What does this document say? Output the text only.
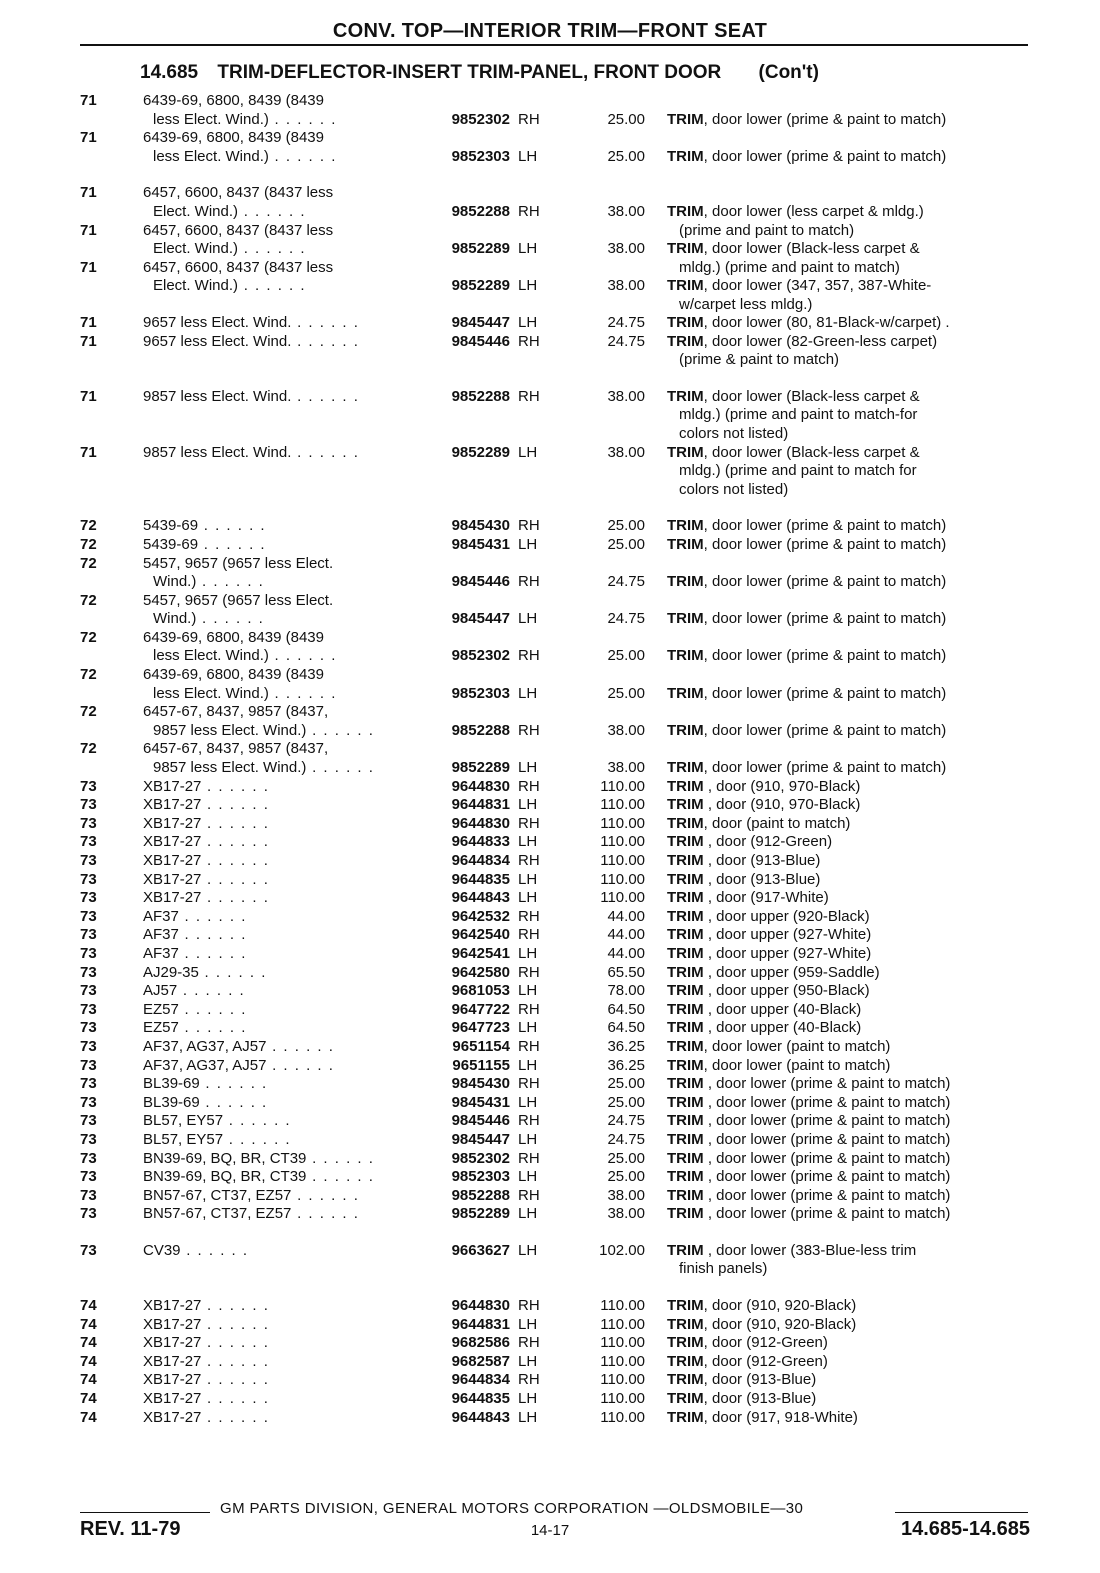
CONV. TOP—INTERIOR TRIM—FRONT SEAT
14.685 TRIM-DEFLECTOR-INSERT TRIM-PANEL, FRONT DOOR (Con't)
71	6439-69, 6800, 8439 (8439
less Elect. Wind.) . . . . . .	9852302 RH	25.00 TRIM, door lower (prime & paint to match)
71	6439-69, 6800, 8439 (8439
less Elect. Wind.) . . . . . .	9852303 LH	25.00 TRIM, door lower (prime & paint to match)
71	6457, 6600, 8437 (8437 less
Elect. Wind.) . . . . . .	9852288 RH	38.00 TRIM, door lower (less carpet & mldg.)
(prime and paint to match)
71	6457, 6600, 8437 (8437 less
Elect. Wind.) . . . . . .	9852289 LH	38.00 TRIM, door lower (Black-less carpet &
mldg.) (prime and paint to match)
71	6457, 6600, 8437 (8437 less
Elect. Wind.) . . . . . .	9852289 LH	38.00 TRIM, door lower (347, 357, 387-White-
w/carpet less mldg.)
71	9657 less Elect. Wind. . . . . . .	9845447 LH	24.75 TRIM, door lower (80, 81-Black-w/carpet) .
71	9657 less Elect. Wind. . . . . . .	9845446 RH	24.75 TRIM, door lower (82-Green-less carpet)
(prime & paint to match)
71	9857 less Elect. Wind. . . . . . .	9852288 RH	38.00 TRIM, door lower (Black-less carpet &
mldg.) (prime and paint to match-for
colors not listed)
71	9857 less Elect. Wind. . . . . . .	9852289 LH	38.00 TRIM, door lower (Black-less carpet &
mldg.) (prime and paint to match for
colors not listed)
72	5439-69 . . . . . .	9845430 RH	25.00 TRIM, door lower (prime & paint to match)
72	5439-69 . . . . . .	9845431 LH	25.00 TRIM, door lower (prime & paint to match)
72	5457, 9657 (9657 less Elect.
Wind.) . . . . . .	9845446 RH	24.75 TRIM, door lower (prime & paint to match)
72	5457, 9657 (9657 less Elect.
Wind.) . . . . . .	9845447 LH	24.75 TRIM, door lower (prime & paint to match)
72	6439-69, 6800, 8439 (8439
less Elect. Wind.) . . . . . .	9852302 RH	25.00 TRIM, door lower (prime & paint to match)
72	6439-69, 6800, 8439 (8439
less Elect. Wind.) . . . . . .	9852303 LH	25.00 TRIM, door lower (prime & paint to match)
72	6457-67, 8437, 9857 (8437,
9857 less Elect. Wind.) . . . . . .	9852288 RH	38.00 TRIM, door lower (prime & paint to match)
72	6457-67, 8437, 9857 (8437,
9857 less Elect. Wind.) . . . . . .	9852289 LH	38.00 TRIM, door lower (prime & paint to match)
73	XB17-27 . . . . . .	9644830 RH	110.00 TRIM , door (910, 970-Black)
73	XB17-27 . . . . . .	9644831 LH	110.00 TRIM , door (910, 970-Black)
73	XB17-27 . . . . . .	9644830 RH	110.00 TRIM, door (paint to match)
73	XB17-27 . . . . . .	9644833 LH	110.00 TRIM , door (912-Green)
73	XB17-27 . . . . . .	9644834 RH	110.00 TRIM , door (913-Blue)
73	XB17-27 . . . . . .	9644835 LH	110.00 TRIM , door (913-Blue)
73	XB17-27 . . . . . .	9644843 LH	110.00 TRIM , door (917-White)
73	AF37 . . . . . .	9642532 RH	44.00 TRIM , door upper (920-Black)
73	AF37 . . . . . .	9642540 RH	44.00 TRIM , door upper (927-White)
73	AF37 . . . . . .	9642541 LH	44.00 TRIM , door upper (927-White)
73	AJ29-35 . . . . . .	9642580 RH	65.50 TRIM , door upper (959-Saddle)
73	AJ57 . . . . . .	9681053 LH	78.00 TRIM , door upper (950-Black)
73	EZ57 . . . . . .	9647722 RH	64.50 TRIM , door upper (40-Black)
73	EZ57 . . . . . .	9647723 LH	64.50 TRIM , door upper (40-Black)
73	AF37, AG37, AJ57 . . . . . .	9651154 RH	36.25 TRIM, door lower (paint to match)
73	AF37, AG37, AJ57 . . . . . .	9651155 LH	36.25 TRIM, door lower (paint to match)
73	BL39-69 . . . . . .	9845430 RH	25.00 TRIM , door lower (prime & paint to match)
73	BL39-69 . . . . . .	9845431 LH	25.00 TRIM , door lower (prime & paint to match)
73	BL57, EY57 . . . . . .	9845446 RH	24.75 TRIM , door lower (prime & paint to match)
73	BL57, EY57 . . . . . .	9845447 LH	24.75 TRIM , door lower (prime & paint to match)
73	BN39-69, BQ, BR, CT39 . . . . . .	9852302 RH	25.00 TRIM , door lower (prime & paint to match)
73	BN39-69, BQ, BR, CT39 . . . . . .	9852303 LH	25.00 TRIM , door lower (prime & paint to match)
73	BN57-67, CT37, EZ57 . . . . . .	9852288 RH	38.00 TRIM , door lower (prime & paint to match)
73	BN57-67, CT37, EZ57 . . . . . .	9852289 LH	38.00 TRIM , door lower (prime & paint to match)
73	CV39 . . . . . .	9663627 LH	102.00 TRIM , door lower (383-Blue-less trim
finish panels)
74	XB17-27 . . . . . .	9644830 RH	110.00 TRIM, door (910, 920-Black)
74	XB17-27 . . . . . .	9644831 LH	110.00 TRIM, door (910, 920-Black)
74	XB17-27 . . . . . .	9682586 RH	110.00 TRIM, door (912-Green)
74	XB17-27 . . . . . .	9682587 LH	110.00 TRIM, door (912-Green)
74	XB17-27 . . . . . .	9644834 RH	110.00 TRIM, door (913-Blue)
74	XB17-27 . . . . . .	9644835 LH	110.00 TRIM, door (913-Blue)
74	XB17-27 . . . . . .	9644843 LH	110.00 TRIM, door (917, 918-White)
GM PARTS DIVISION, GENERAL MOTORS CORPORATION —OLDSMOBILE—30
REV. 11-79	14-17	14.685-14.685
